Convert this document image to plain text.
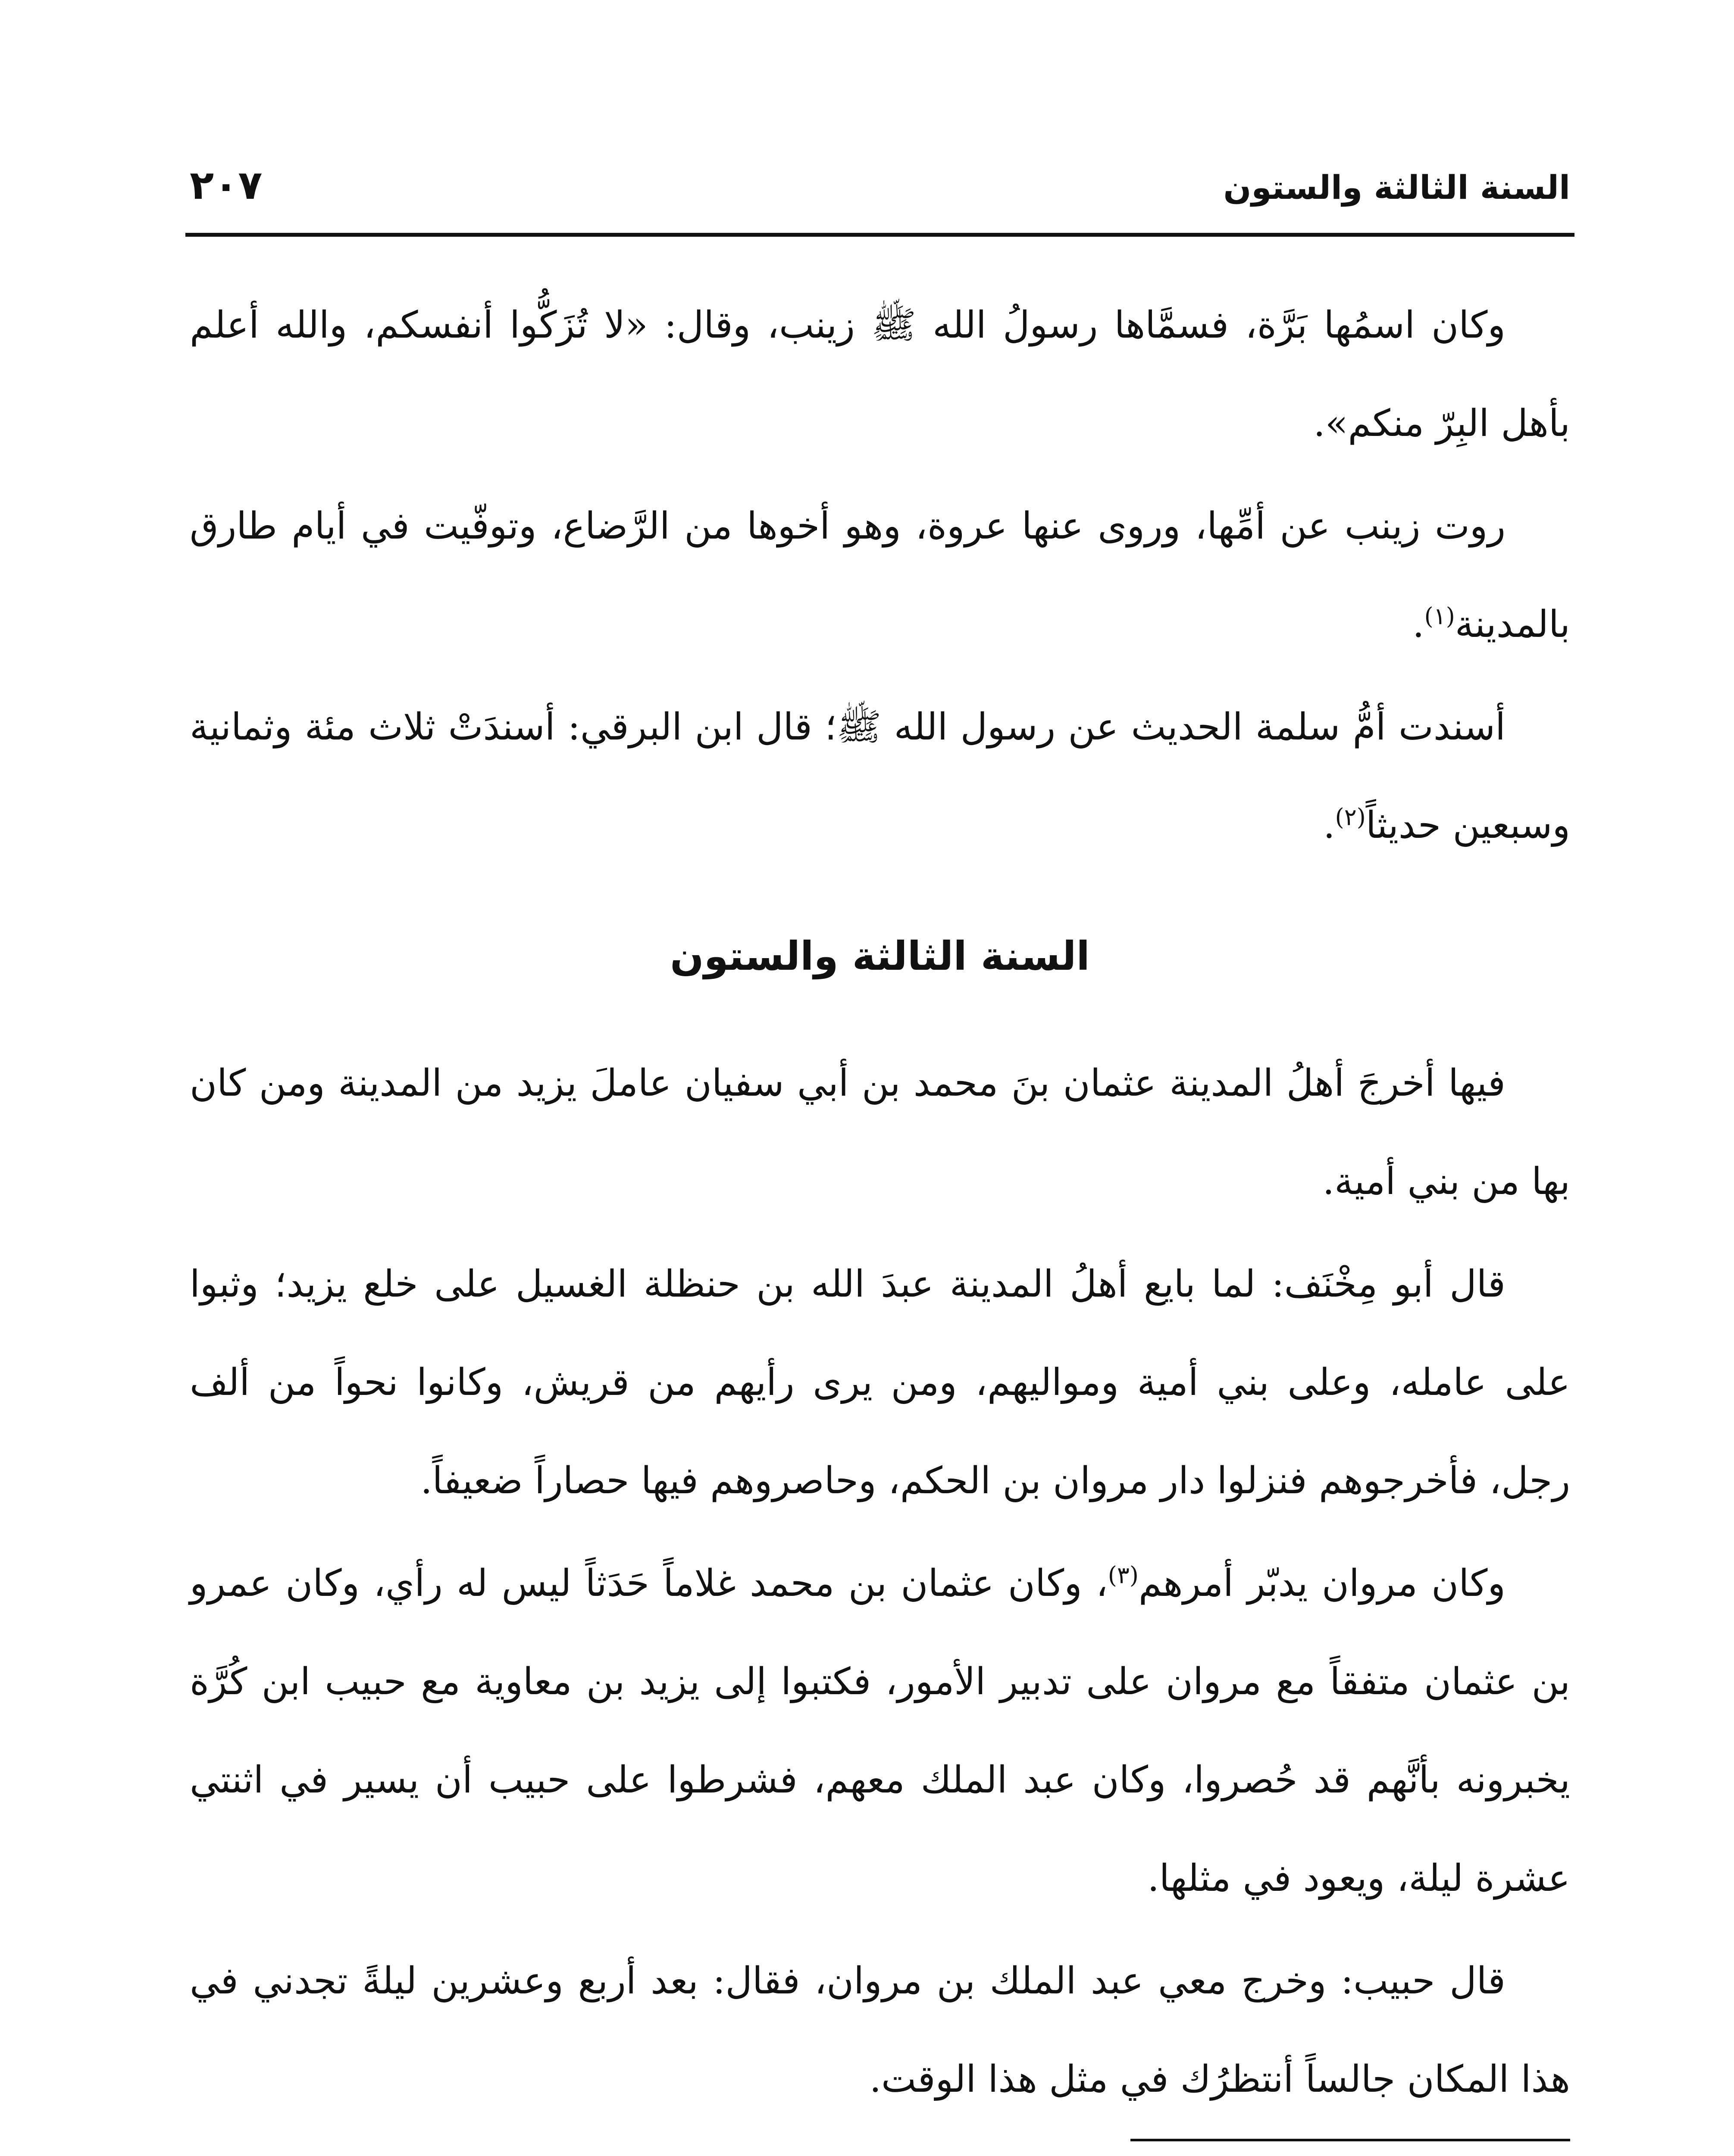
السنة الثالثة والستون
٢٠٧

وكان اسمُها بَرَّة، فسمَّاها رسولُ الله ﷺ زينب، وقال: «لا تُزَكُّوا أنفسكم، والله أعلم بأهل البِرّ منكم».

روت زينب عن أمِّها، وروى عنها عروة، وهو أخوها من الرَّضاع، وتوفّيت في أيام طارق بالمدينة$^{(١)}$.

أسندت أمُّ سلمة الحديث عن رسول الله ﷺ؛ قال ابن البرقي: أسندَتْ ثلاث مئة وثمانية وسبعين حديثاً$^{(٢)}$.

السنة الثالثة والستون

فيها أخرجَ أهلُ المدينة عثمان بنَ محمد بن أبي سفيان عاملَ يزيد من المدينة ومن كان بها من بني أمية.

قال أبو مِخْنَف: لما بايع أهلُ المدينة عبدَ الله بن حنظلة الغسيل على خلع يزيد؛ وثبوا على عامله، وعلى بني أمية ومواليهم، ومن يرى رأيهم من قريش، وكانوا نحواً من ألف رجل، فأخرجوهم فنزلوا دار مروان بن الحكم، وحاصروهم فيها حصاراً ضعيفاً.

وكان مروان يدبّر أمرهم$^{(٣)}$، وكان عثمان بن محمد غلاماً حَدَثاً ليس له رأي، وكان عمرو بن عثمان متفقاً مع مروان على تدبير الأمور، فكتبوا إلى يزيد بن معاوية مع حبيب ابن كُرَّة يخبرونه بأنَّهم قد حُصروا، وكان عبد الملك معهم، فشرطوا على حبيب أن يسير في اثنتي عشرة ليلة، ويعود في مثلها.

قال حبيب: وخرج معي عبد الملك بن مروان، فقال: بعد أربع وعشرين ليلةً تجدني في هذا المكان جالساً أنتظرُك في مثل هذا الوقت.
